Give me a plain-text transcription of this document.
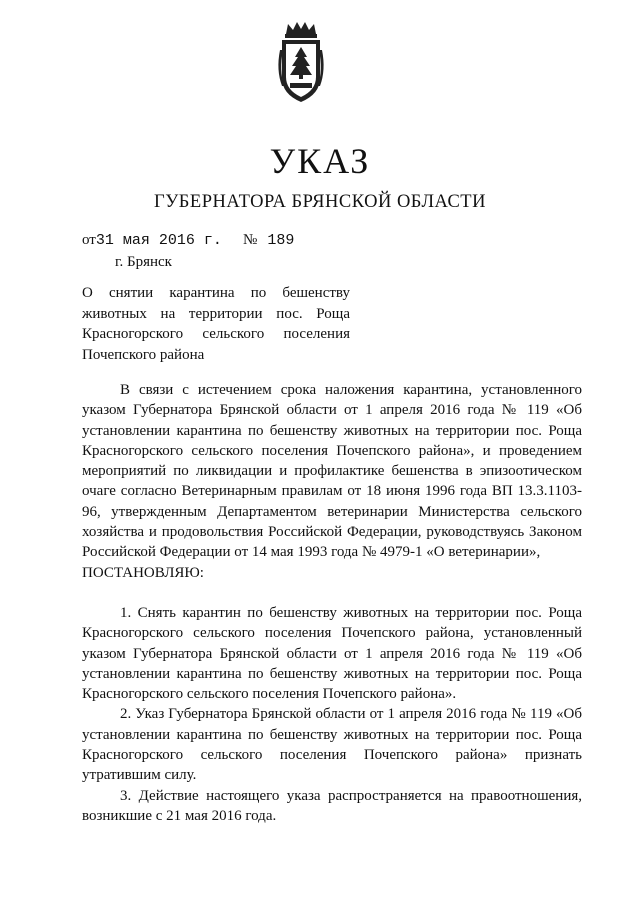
УКАЗ
ГУБЕРНАТОРА БРЯНСКОЙ ОБЛАСТИ
от31 мая 2016 г. № 189
г. Брянск
О снятии карантина по бешенству
животных на территории пос. Роща
Красногорского сельского поселения
Почепского района

В связи с истечением срока наложения карантина, установленного указом Губернатора Брянской области от 1 апреля 2016 года № 119 «Об установлении карантина по бешенству животных на территории пос. Роща Красногорского сельского поселения Почепского района», и проведением мероприятий по ликвидации и профилактике бешенства в эпизоотическом очаге согласно Ветеринарным правилам от 18 июня 1996 года ВП 13.3.1103-96, утвержденным Департаментом ветеринарии Министерства сельского хозяйства и продовольствия Российской Федерации, руководствуясь Законом Российской Федерации от 14 мая 1993 года № 4979-1 «О ветеринарии»,

ПОСТАНОВЛЯЮ:

1. Снять карантин по бешенству животных на территории пос. Роща Красногорского сельского поселения Почепского района, установленный указом Губернатора Брянской области от 1 апреля 2016 года № 119 «Об установлении карантина по бешенству животных на территории пос. Роща Красногорского сельского поселения Почепского района».

2. Указ Губернатора Брянской области от 1 апреля 2016 года № 119 «Об установлении карантина по бешенству животных на территории пос. Роща Красногорского сельского поселения Почепского района» признать утратившим силу.

3. Действие настоящего указа распространяется на правоотношения, возникшие с 21 мая 2016 года.
